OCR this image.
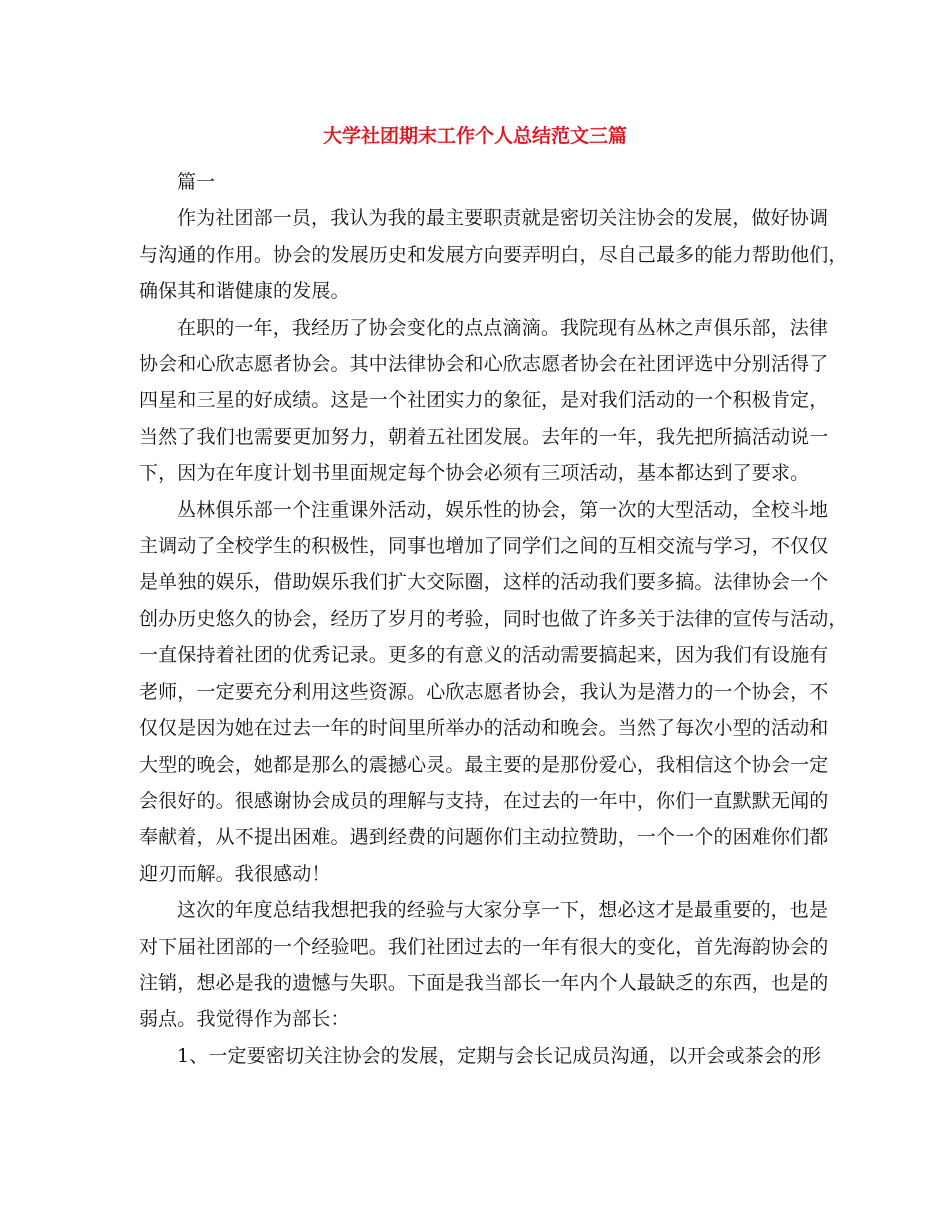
大学社团期末工作个人总结范文三篇
篇一
作为社团部一员，我认为我的最主要职责就是密切关注协会的发展，做好协调
与沟通的作用。协会的发展历史和发展方向要弄明白，尽自己最多的能力帮助他们，
确保其和谐健康的发展。
在职的一年，我经历了协会变化的点点滴滴。我院现有丛林之声俱乐部，法律
协会和心欣志愿者协会。其中法律协会和心欣志愿者协会在社团评选中分别活得了
四星和三星的好成绩。这是一个社团实力的象征，是对我们活动的一个积极肯定，
当然了我们也需要更加努力，朝着五社团发展。去年的一年，我先把所搞活动说一
下，因为在年度计划书里面规定每个协会必须有三项活动，基本都达到了要求。
丛林俱乐部一个注重课外活动，娱乐性的协会，第一次的大型活动，全校斗地
主调动了全校学生的积极性，同事也增加了同学们之间的互相交流与学习，不仅仅
是单独的娱乐，借助娱乐我们扩大交际圈，这样的活动我们要多搞。法律协会一个
创办历史悠久的协会，经历了岁月的考验，同时也做了许多关于法律的宣传与活动，
一直保持着社团的优秀记录。更多的有意义的活动需要搞起来，因为我们有设施有
老师，一定要充分利用这些资源。心欣志愿者协会，我认为是潜力的一个协会，不
仅仅是因为她在过去一年的时间里所举办的活动和晚会。当然了每次小型的活动和
大型的晚会，她都是那么的震撼心灵。最主要的是那份爱心，我相信这个协会一定
会很好的。很感谢协会成员的理解与支持，在过去的一年中，你们一直默默无闻的
奉献着，从不提出困难。遇到经费的问题你们主动拉赞助，一个一个的困难你们都
迎刃而解。我很感动！
这次的年度总结我想把我的经验与大家分享一下，想必这才是最重要的，也是
对下届社团部的一个经验吧。我们社团过去的一年有很大的变化，首先海韵协会的
注销，想必是我的遗憾与失职。下面是我当部长一年内个人最缺乏的东西，也是的
弱点。我觉得作为部长：
1、一定要密切关注协会的发展，定期与会长记成员沟通，以开会或茶会的形
